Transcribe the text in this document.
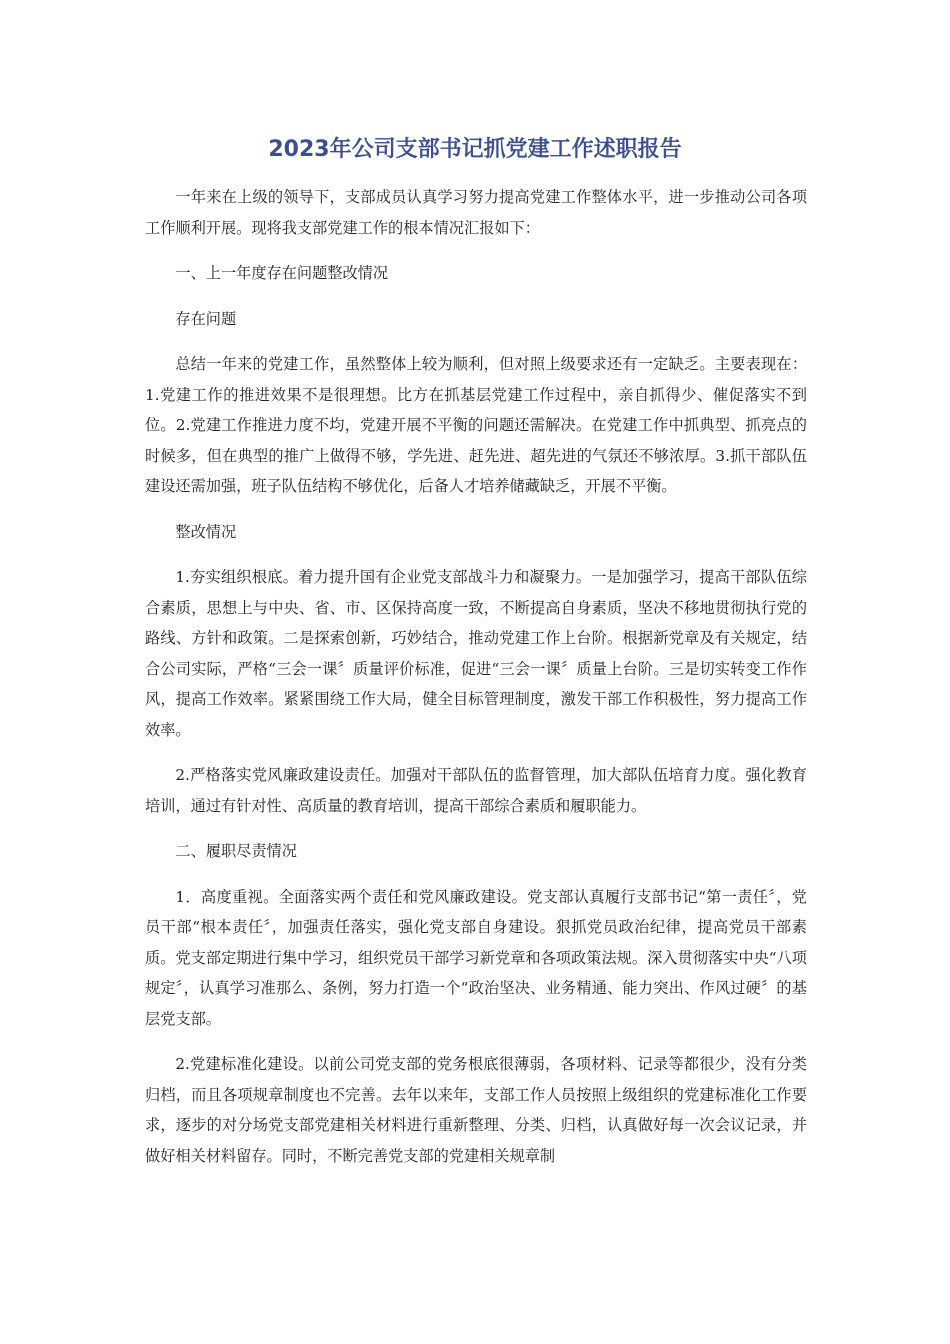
2023年公司支部书记抓党建工作述职报告

一年来在上级的领导下，支部成员认真学习努力提高党建工作整体水平，进一步推动公司各项工作顺利开展。现将我支部党建工作的根本情况汇报如下：

一、上一年度存在问题整改情况

存在问题

总结一年来的党建工作，虽然整体上较为顺利，但对照上级要求还有一定缺乏。主要表现在：1.党建工作的推进效果不是很理想。比方在抓基层党建工作过程中，亲自抓得少、催促落实不到位。2.党建工作推进力度不均，党建开展不平衡的问题还需解决。在党建工作中抓典型、抓亮点的时候多，但在典型的推广上做得不够，学先进、赶先进、超先进的气氛还不够浓厚。3.抓干部队伍建设还需加强，班子队伍结构不够优化，后备人才培养储藏缺乏，开展不平衡。

整改情况

1.夯实组织根底。着力提升国有企业党支部战斗力和凝聚力。一是加强学习，提高干部队伍综合素质，思想上与中央、省、市、区保持高度一致，不断提高自身素质，坚决不移地贯彻执行党的路线、方针和政策。二是探索创新，巧妙结合，推动党建工作上台阶。根据新党章及有关规定，结合公司实际，严格“三会一课〞质量评价标准，促进“三会一课〞质量上台阶。三是切实转变工作作风，提高工作效率。紧紧围绕工作大局，健全目标管理制度，激发干部工作积极性，努力提高工作效率。

2.严格落实党风廉政建设责任。加强对干部队伍的监督管理，加大部队伍培育力度。强化教育培训，通过有针对性、高质量的教育培训，提高干部综合素质和履职能力。

二、履职尽责情况

1．高度重视。全面落实两个责任和党风廉政建设。党支部认真履行支部书记“第一责任〞，党员干部“根本责任〞，加强责任落实，强化党支部自身建设。狠抓党员政治纪律，提高党员干部素质。党支部定期进行集中学习，组织党员干部学习新党章和各项政策法规。深入贯彻落实中央“八项规定〞，认真学习准那么、条例，努力打造一个“政治坚决、业务精通、能力突出、作风过硬〞的基层党支部。

2.党建标准化建设。以前公司党支部的党务根底很薄弱，各项材料、记录等都很少，没有分类归档，而且各项规章制度也不完善。去年以来年，支部工作人员按照上级组织的党建标准化工作要求，逐步的对分场党支部党建相关材料进行重新整理、分类、归档，认真做好每一次会议记录，并做好相关材料留存。同时，不断完善党支部的党建相关规章制
